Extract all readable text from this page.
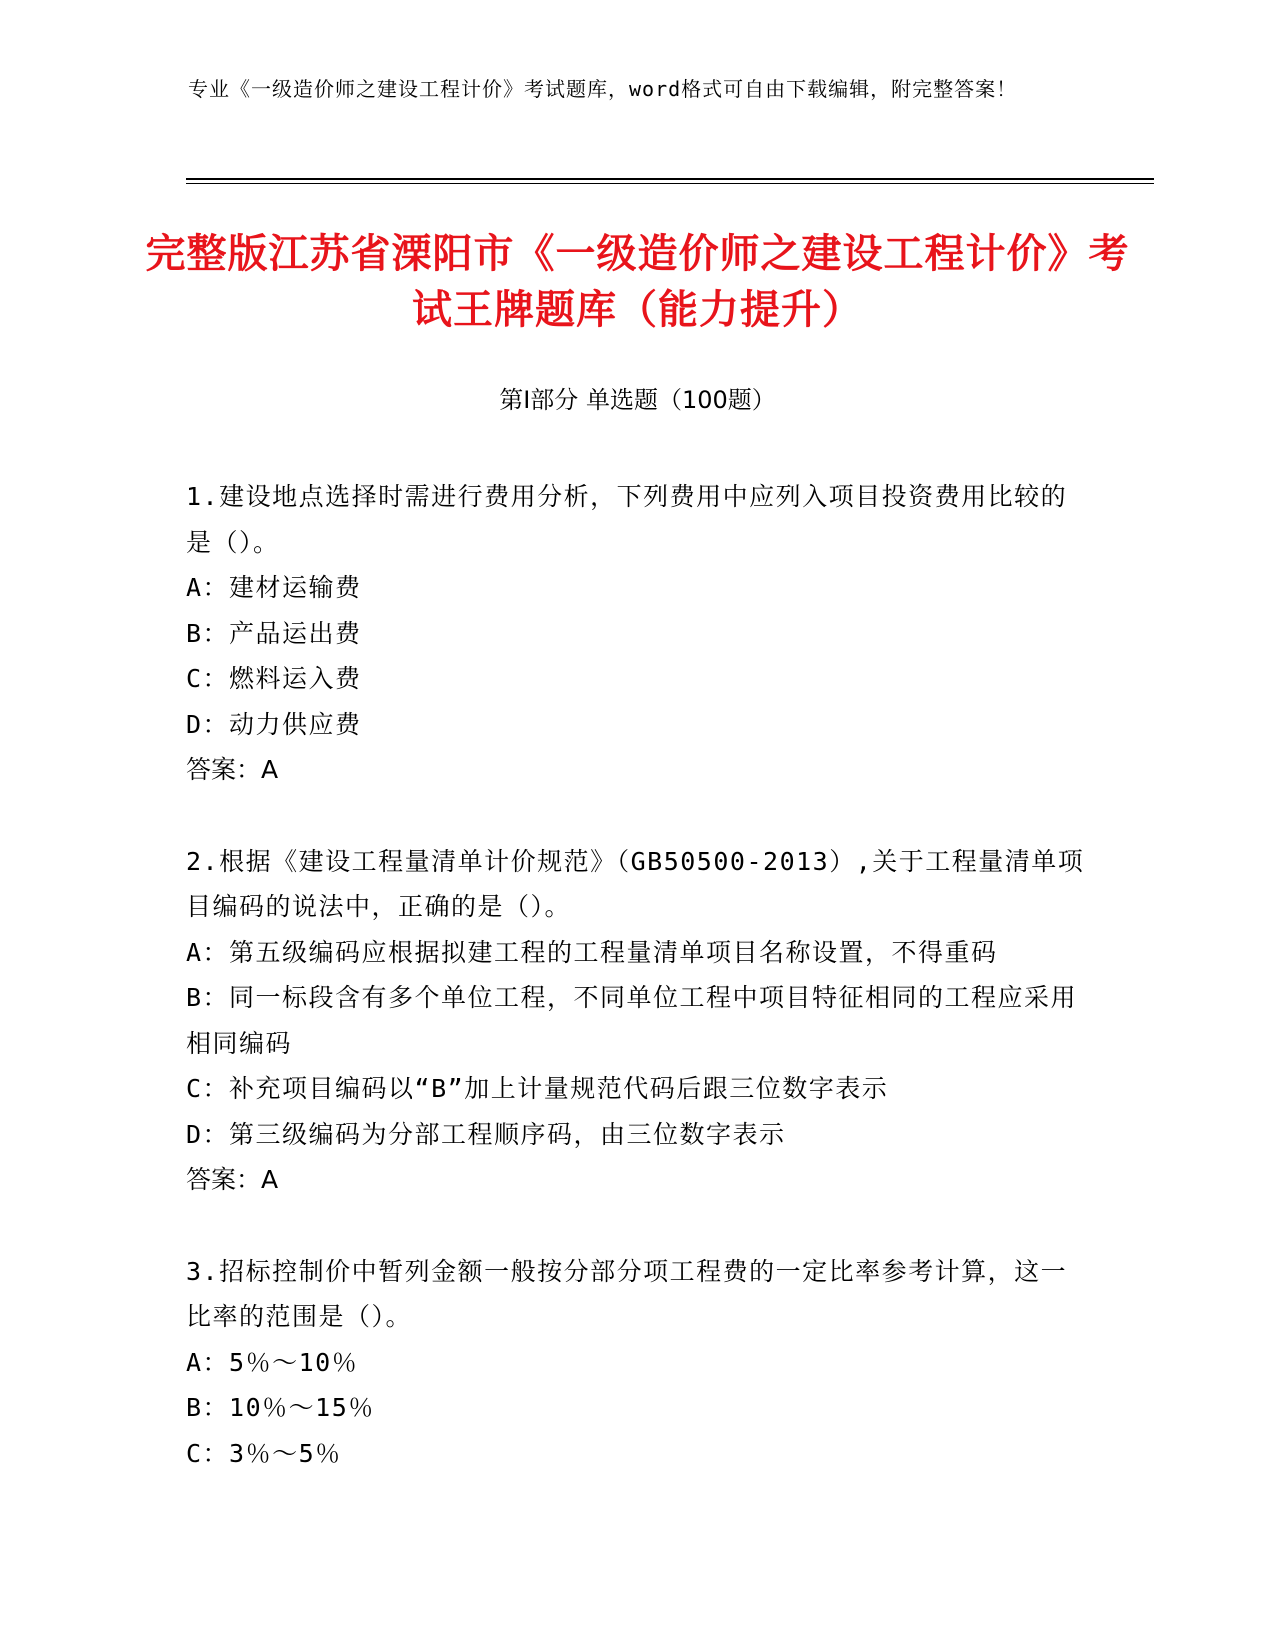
专业《一级造价师之建设工程计价》考试题库，word格式可自由下载编辑，附完整答案！
完整版江苏省溧阳市《一级造价师之建设工程计价》考试王牌题库（能力提升）
第Ⅰ部分 单选题（100题）

1.建设地点选择时需进行费用分析，下列费用中应列入项目投资费用比较的是（）。

A：建材运输费

B：产品运出费

C：燃料运入费

D：动力供应费

答案：A

2.根据《建设工程量清单计价规范》（GB50500-2013）,关于工程量清单项目编码的说法中，正确的是（）。

A：第五级编码应根据拟建工程的工程量清单项目名称设置，不得重码

B：同一标段含有多个单位工程，不同单位工程中项目特征相同的工程应采用相同编码

C：补充项目编码以“B”加上计量规范代码后跟三位数字表示

D：第三级编码为分部工程顺序码，由三位数字表示

答案：A

3.招标控制价中暂列金额一般按分部分项工程费的一定比率参考计算，这一比率的范围是（）。

A：5％～10％

B：10％～15％

C：3％～5％
